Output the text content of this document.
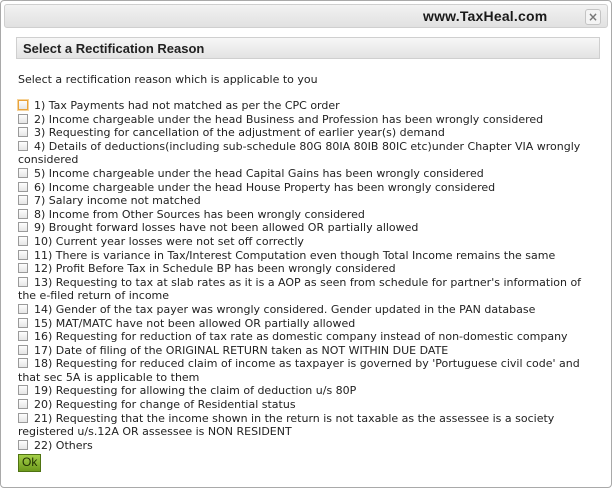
www.TaxHeal.com	×
Select a Rectification Reason
Select a rectification reason which is applicable to you
1) Tax Payments had not matched as per the CPC order
2) Income chargeable under the head Business and Profession has been wrongly considered
3) Requesting for cancellation of the adjustment of earlier year(s) demand
4) Details of deductions(including sub-schedule 80G 80IA 80IB 80IC etc)under Chapter VIA wrongly considered
5) Income chargeable under the head Capital Gains has been wrongly considered
6) Income chargeable under the head House Property has been wrongly considered
7) Salary income not matched
8) Income from Other Sources has been wrongly considered
9) Brought forward losses have not been allowed OR partially allowed
10) Current year losses were not set off correctly
11) There is variance in Tax/Interest Computation even though Total Income remains the same
12) Profit Before Tax in Schedule BP has been wrongly considered
13) Requesting to tax at slab rates as it is a AOP as seen from schedule for partner's information of the e-filed return of income
14) Gender of the tax payer was wrongly considered. Gender updated in the PAN database
15) MAT/MATC have not been allowed OR partially allowed
16) Requesting for reduction of tax rate as domestic company instead of non-domestic company
17) Date of filing of the ORIGINAL RETURN taken as NOT WITHIN DUE DATE
18) Requesting for reduced claim of income as taxpayer is governed by 'Portuguese civil code' and that sec 5A is applicable to them
19) Requesting for allowing the claim of deduction u/s 80P
20) Requesting for change of Residential status
21) Requesting that the income shown in the return is not taxable as the assessee is a society registered u/s.12A OR assessee is NON RESIDENT
22) Others
Ok
